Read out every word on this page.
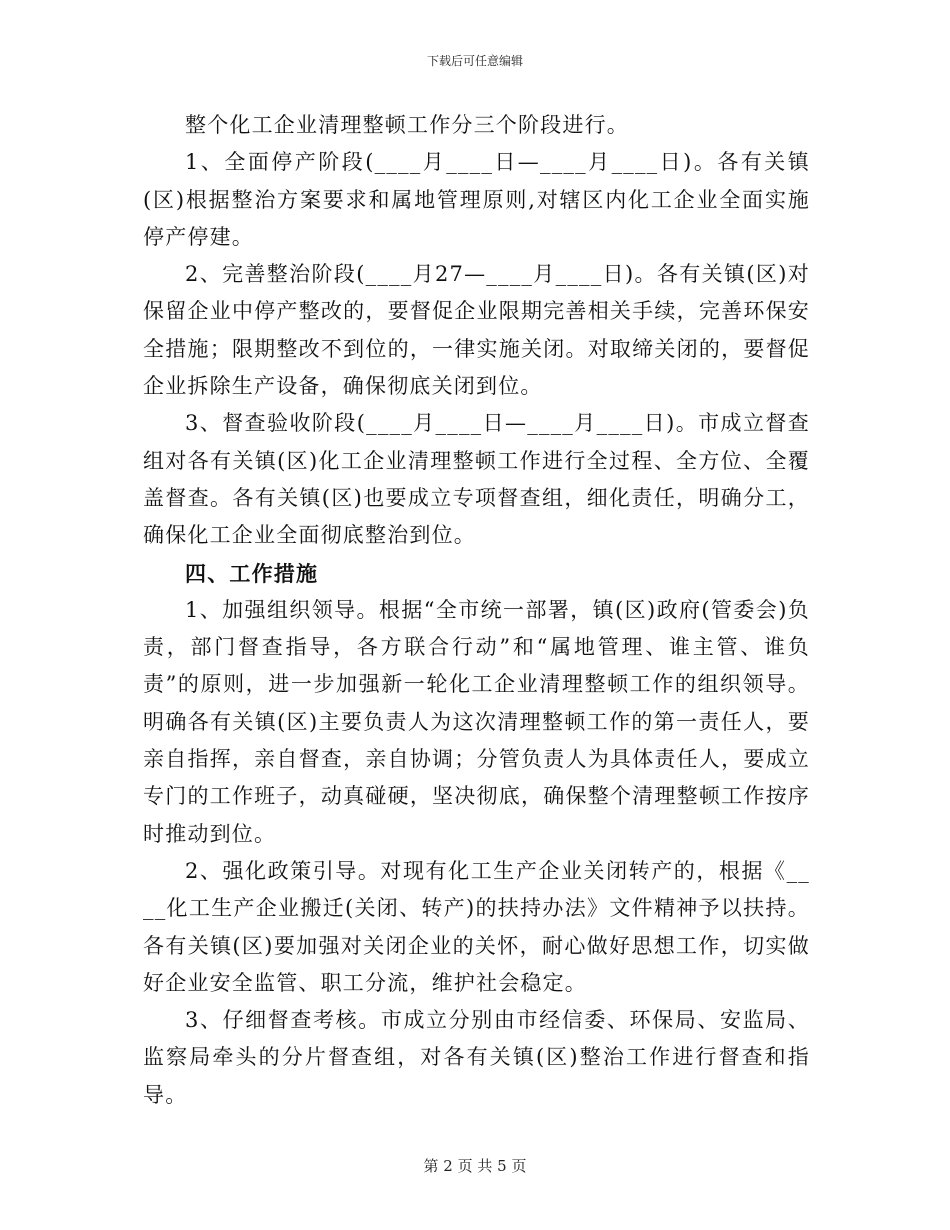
下载后可任意编辑

整个化工企业清理整顿工作分三个阶段进行。

1、全面停产阶段(____月____日—____月____日)。各有关镇(区)根据整治方案要求和属地管理原则,对辖区内化工企业全面实施停产停建。

2、完善整治阶段(____月27—____月____日)。各有关镇(区)对保留企业中停产整改的，要督促企业限期完善相关手续，完善环保安全措施；限期整改不到位的，一律实施关闭。对取缔关闭的，要督促企业拆除生产设备，确保彻底关闭到位。

3、督查验收阶段(____月____日—____月____日)。市成立督查组对各有关镇(区)化工企业清理整顿工作进行全过程、全方位、全覆盖督查。各有关镇(区)也要成立专项督查组，细化责任，明确分工，确保化工企业全面彻底整治到位。

四、工作措施

1、加强组织领导。根据“全市统一部署，镇(区)政府(管委会)负责，部门督查指导，各方联合行动”和“属地管理、谁主管、谁负责”的原则，进一步加强新一轮化工企业清理整顿工作的组织领导。明确各有关镇(区)主要负责人为这次清理整顿工作的第一责任人，要亲自指挥，亲自督查，亲自协调；分管负责人为具体责任人，要成立专门的工作班子，动真碰硬，坚决彻底，确保整个清理整顿工作按序时推动到位。

2、强化政策引导。对现有化工生产企业关闭转产的，根据《____化工生产企业搬迁(关闭、转产)的扶持办法》文件精神予以扶持。各有关镇(区)要加强对关闭企业的关怀，耐心做好思想工作，切实做好企业安全监管、职工分流，维护社会稳定。

3、仔细督查考核。市成立分别由市经信委、环保局、安监局、监察局牵头的分片督查组，对各有关镇(区)整治工作进行督查和指导。

第 2 页 共 5 页
